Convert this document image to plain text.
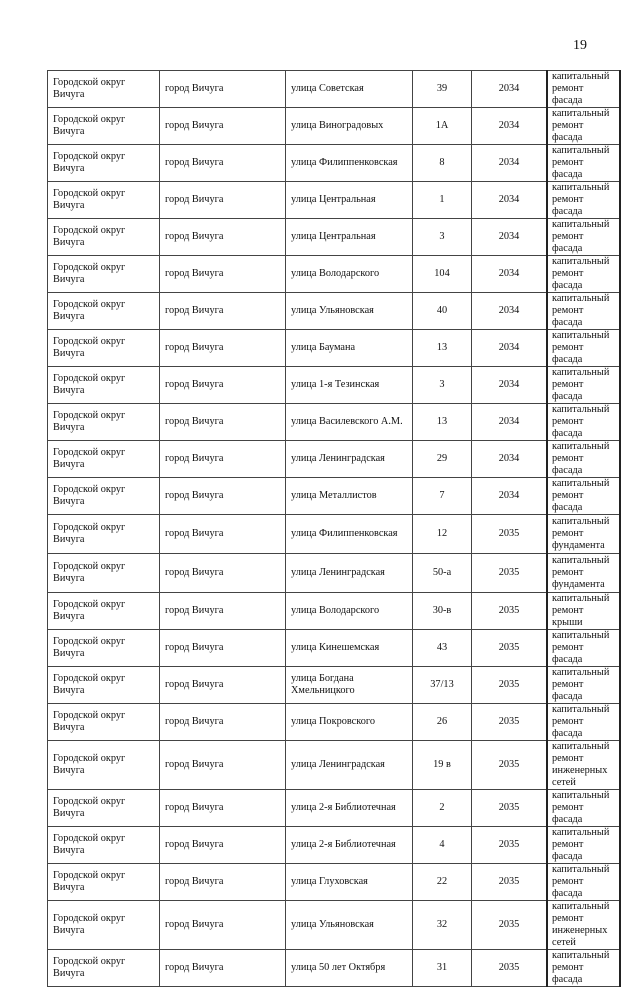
19
Городской округ Вичуга	город Вичуга	улица Советская	39	2034	капитальный ремонт фасада
Городской округ Вичуга	город Вичуга	улица Виноградовых	1А	2034	капитальный ремонт фасада
Городской округ Вичуга	город Вичуга	улица Филиппенковская	8	2034	капитальный ремонт фасада
Городской округ Вичуга	город Вичуга	улица Центральная	1	2034	капитальный ремонт фасада
Городской округ Вичуга	город Вичуга	улица Центральная	3	2034	капитальный ремонт фасада
Городской округ Вичуга	город Вичуга	улица Володарского	104	2034	капитальный ремонт фасада
Городской округ Вичуга	город Вичуга	улица Ульяновская	40	2034	капитальный ремонт фасада
Городской округ Вичуга	город Вичуга	улица Баумана	13	2034	капитальный ремонт фасада
Городской округ Вичуга	город Вичуга	улица 1-я Тезинская	3	2034	капитальный ремонт фасада
Городской округ Вичуга	город Вичуга	улица Василевского А.М.	13	2034	капитальный ремонт фасада
Городской округ Вичуга	город Вичуга	улица Ленинградская	29	2034	капитальный ремонт фасада
Городской округ Вичуга	город Вичуга	улица Металлистов	7	2034	капитальный ремонт фасада
Городской округ Вичуга	город Вичуга	улица Филиппенковская	12	2035	капитальный ремонт фундамента
Городской округ Вичуга	город Вичуга	улица Ленинградская	50-а	2035	капитальный ремонт фундамента
Городской округ Вичуга	город Вичуга	улица Володарского	30-в	2035	капитальный ремонт крыши
Городской округ Вичуга	город Вичуга	улица Кинешемская	43	2035	капитальный ремонт фасада
Городской округ Вичуга	город Вичуга	улица Богдана Хмельницкого	37/13	2035	капитальный ремонт фасада
Городской округ Вичуга	город Вичуга	улица Покровского	26	2035	капитальный ремонт фасада
Городской округ Вичуга	город Вичуга	улица Ленинградская	19 в	2035	капитальный ремонт инженерных сетей
Городской округ Вичуга	город Вичуга	улица 2-я Библиотечная	2	2035	капитальный ремонт фасада
Городской округ Вичуга	город Вичуга	улица 2-я Библиотечная	4	2035	капитальный ремонт фасада
Городской округ Вичуга	город Вичуга	улица Глуховская	22	2035	капитальный ремонт фасада
Городской округ Вичуга	город Вичуга	улица Ульяновская	32	2035	капитальный ремонт инженерных сетей
Городской округ Вичуга	город Вичуга	улица 50 лет Октября	31	2035	капитальный ремонт фасада
